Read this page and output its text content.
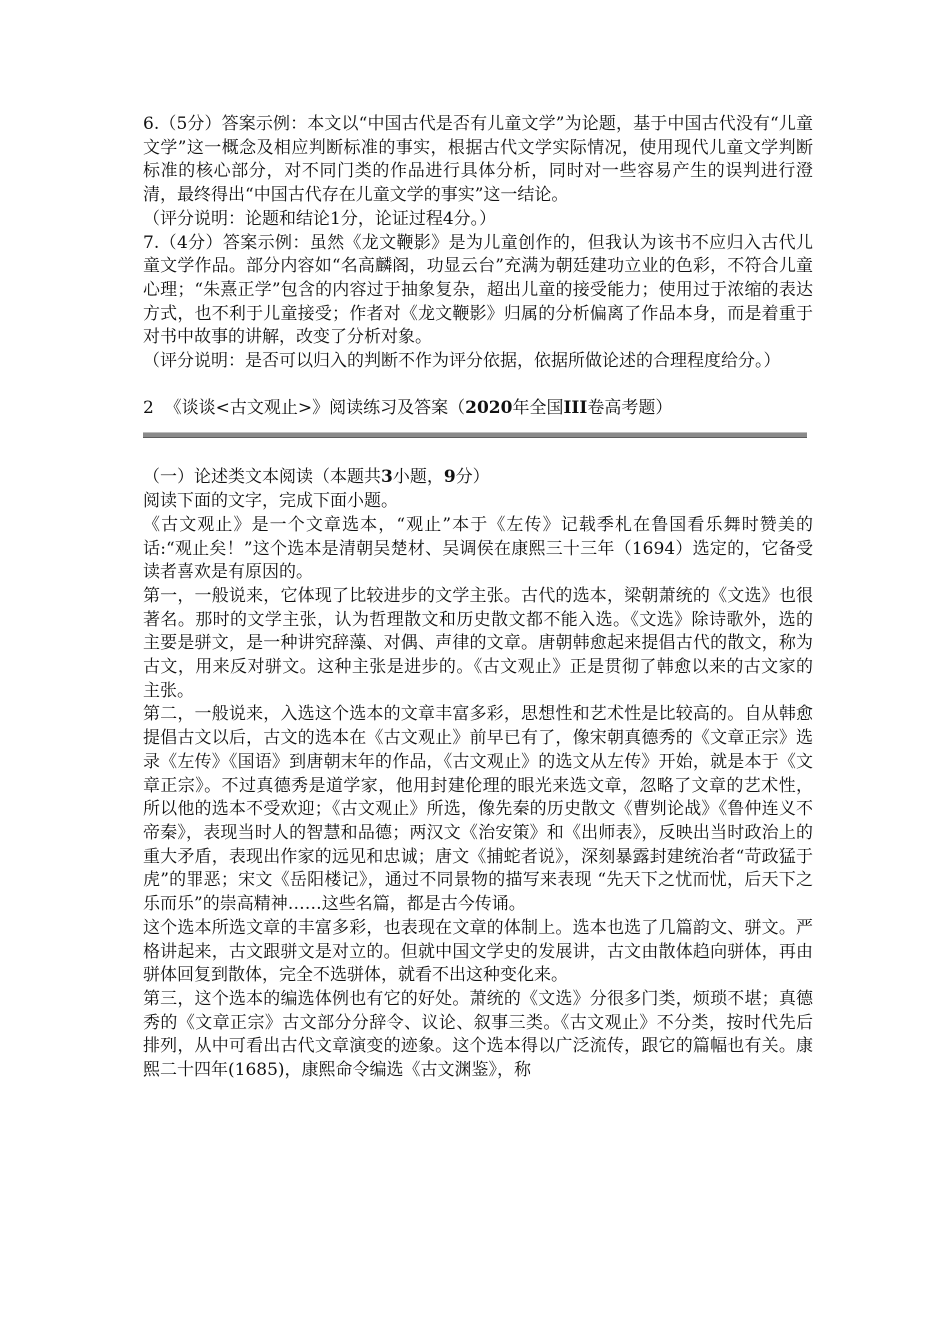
6.（5分）答案示例：本文以“中国古代是否有儿童文学”为论题，基于中国古代没有“儿童文学”这一概念及相应判断标准的事实，根据古代文学实际情况，使用现代儿童文学判断标准的核心部分，对不同门类的作品进行具体分析，同时对一些容易产生的误判进行澄清，最终得出“中国古代存在儿童文学的事实”这一结论。

（评分说明：论题和结论1分，论证过程4分。）

7.（4分）答案示例：虽然《龙文鞭影》是为儿童创作的，但我认为该书不应归入古代儿童文学作品。部分内容如“名高麟阁，功显云台”充满为朝廷建功立业的色彩，不符合儿童心理；“朱熹正学”包含的内容过于抽象复杂，超出儿童的接受能力；使用过于浓缩的表达方式，也不利于儿童接受；作者对《龙文鞭影》归属的分析偏离了作品本身，而是着重于对书中故事的讲解，改变了分析对象。

（评分说明：是否可以归入的判断不作为评分依据，依据所做论述的合理程度给分。）

2 《谈谈<古文观止>》阅读练习及答案（2020年全国III卷高考题）

（一）论述类文本阅读（本题共3小题，9分）

阅读下面的文字，完成下面小题。

《古文观止》是一个文章选本，“观止”本于《左传》记载季札在鲁国看乐舞时赞美的话:“观止矣！”这个选本是清朝吴楚材、吴调侯在康熙三十三年（1694）选定的，它备受读者喜欢是有原因的。

第一，一般说来，它体现了比较进步的文学主张。古代的选本，梁朝萧统的《文选》也很著名。那时的文学主张，认为哲理散文和历史散文都不能入选。《文选》除诗歌外，选的主要是骈文，是一种讲究辞藻、对偶、声律的文章。唐朝韩愈起来提倡古代的散文，称为古文，用来反对骈文。这种主张是进步的。《古文观止》正是贯彻了韩愈以来的古文家的主张。

第二，一般说来，入选这个选本的文章丰富多彩，思想性和艺术性是比较高的。自从韩愈提倡古文以后，古文的选本在《古文观止》前早已有了，像宋朝真德秀的《文章正宗》选录《左传》《国语》到唐朝末年的作品，《古文观止》的选文从左传》开始，就是本于《文章正宗》。不过真德秀是道学家，他用封建伦理的眼光来选文章，忽略了文章的艺术性，所以他的选本不受欢迎；《古文观止》所选，像先秦的历史散文《曹刿论战》《鲁仲连义不帝秦》，表现当时人的智慧和品德；两汉文《治安策》和《出师表》，反映出当时政治上的重大矛盾，表现出作家的远见和忠诚；唐文《捕蛇者说》，深刻暴露封建统治者“苛政猛于虎”的罪恶；宋文《岳阳楼记》，通过不同景物的描写来表现 “先天下之忧而忧，后天下之乐而乐”的崇高精神……这些名篇，都是古今传诵。

这个选本所选文章的丰富多彩，也表现在文章的体制上。选本也选了几篇韵文、骈文。严格讲起来，古文跟骈文是对立的。但就中国文学史的发展讲，古文由散体趋向骈体，再由骈体回复到散体，完全不选骈体，就看不出这种变化来。

第三，这个选本的编选体例也有它的好处。萧统的《文选》分很多门类，烦琐不堪；真德秀的《文章正宗》古文部分分辞令、议论、叙事三类。《古文观止》不分类，按时代先后排列，从中可看出古代文章演变的迹象。这个选本得以广泛流传，跟它的篇幅也有关。康熙二十四年(1685)，康熙命令编选《古文渊鉴》，称
